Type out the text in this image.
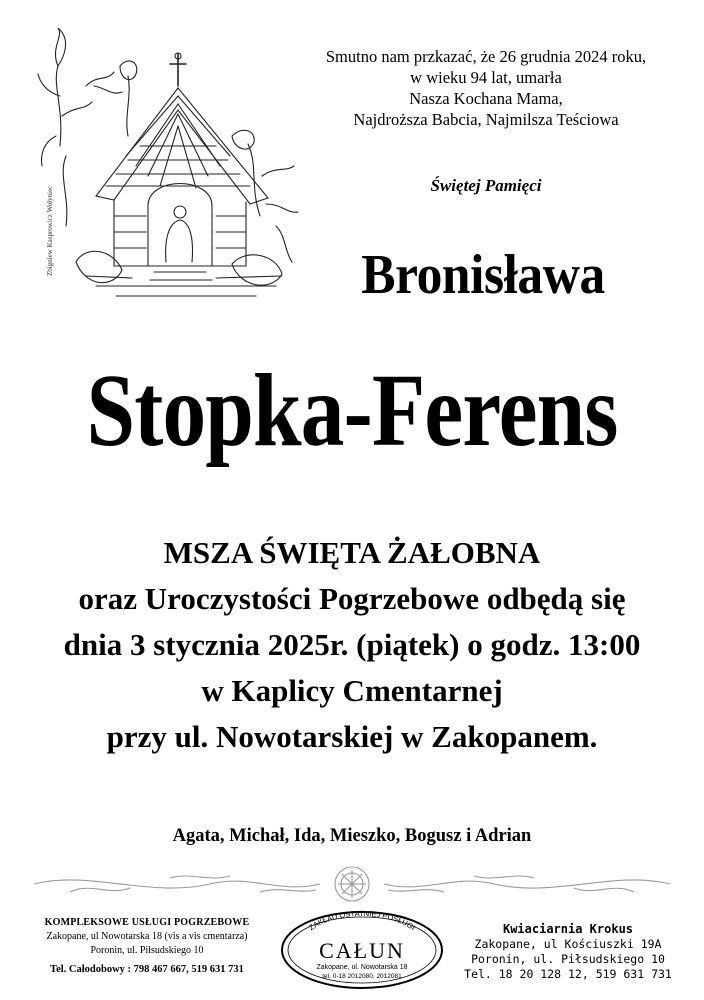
Zbigniew Kasprowicz Wołyniec
Smutno nam przkazać, że 26 grudnia 2024 roku,
w wieku 94 lat, umarła
Nasza Kochana Mama,
Najdroższa Babcia, Najmilsza Teściowa
Świętej Pamięci
Bronisława
Stopka-Ferens
MSZA ŚWIĘTA ŻAŁOBNA
oraz Uroczystości Pogrzebowe odbędą się
dnia 3 stycznia 2025r. (piątek) o godz. 13:00
w Kaplicy Cmentarnej
przy ul. Nowotarskiej w Zakopanem.
Agata, Michał, Ida, Mieszko, Bogusz i Adrian
KOMPLEKSOWE USŁUGI POGRZEBOWE
Zakopane, ul Nowotarska 18 (vis a vis cmentarza)
Poronin, ul. Piłsudskiego 10
Tel. Całodobowy : 798 467 667, 519 631 731
ZAKŁAD OSTATNIEJ POSŁUGI
CAŁUN
Zakopane, ul. Nowotarska 18
tel. 0-18 2012080, 2012081
Kwiaciarnia Krokus
Zakopane, ul Kościuszki 19A
Poronin, ul. Piłsudskiego 10
Tel. 18 20 128 12, 519 631 731
